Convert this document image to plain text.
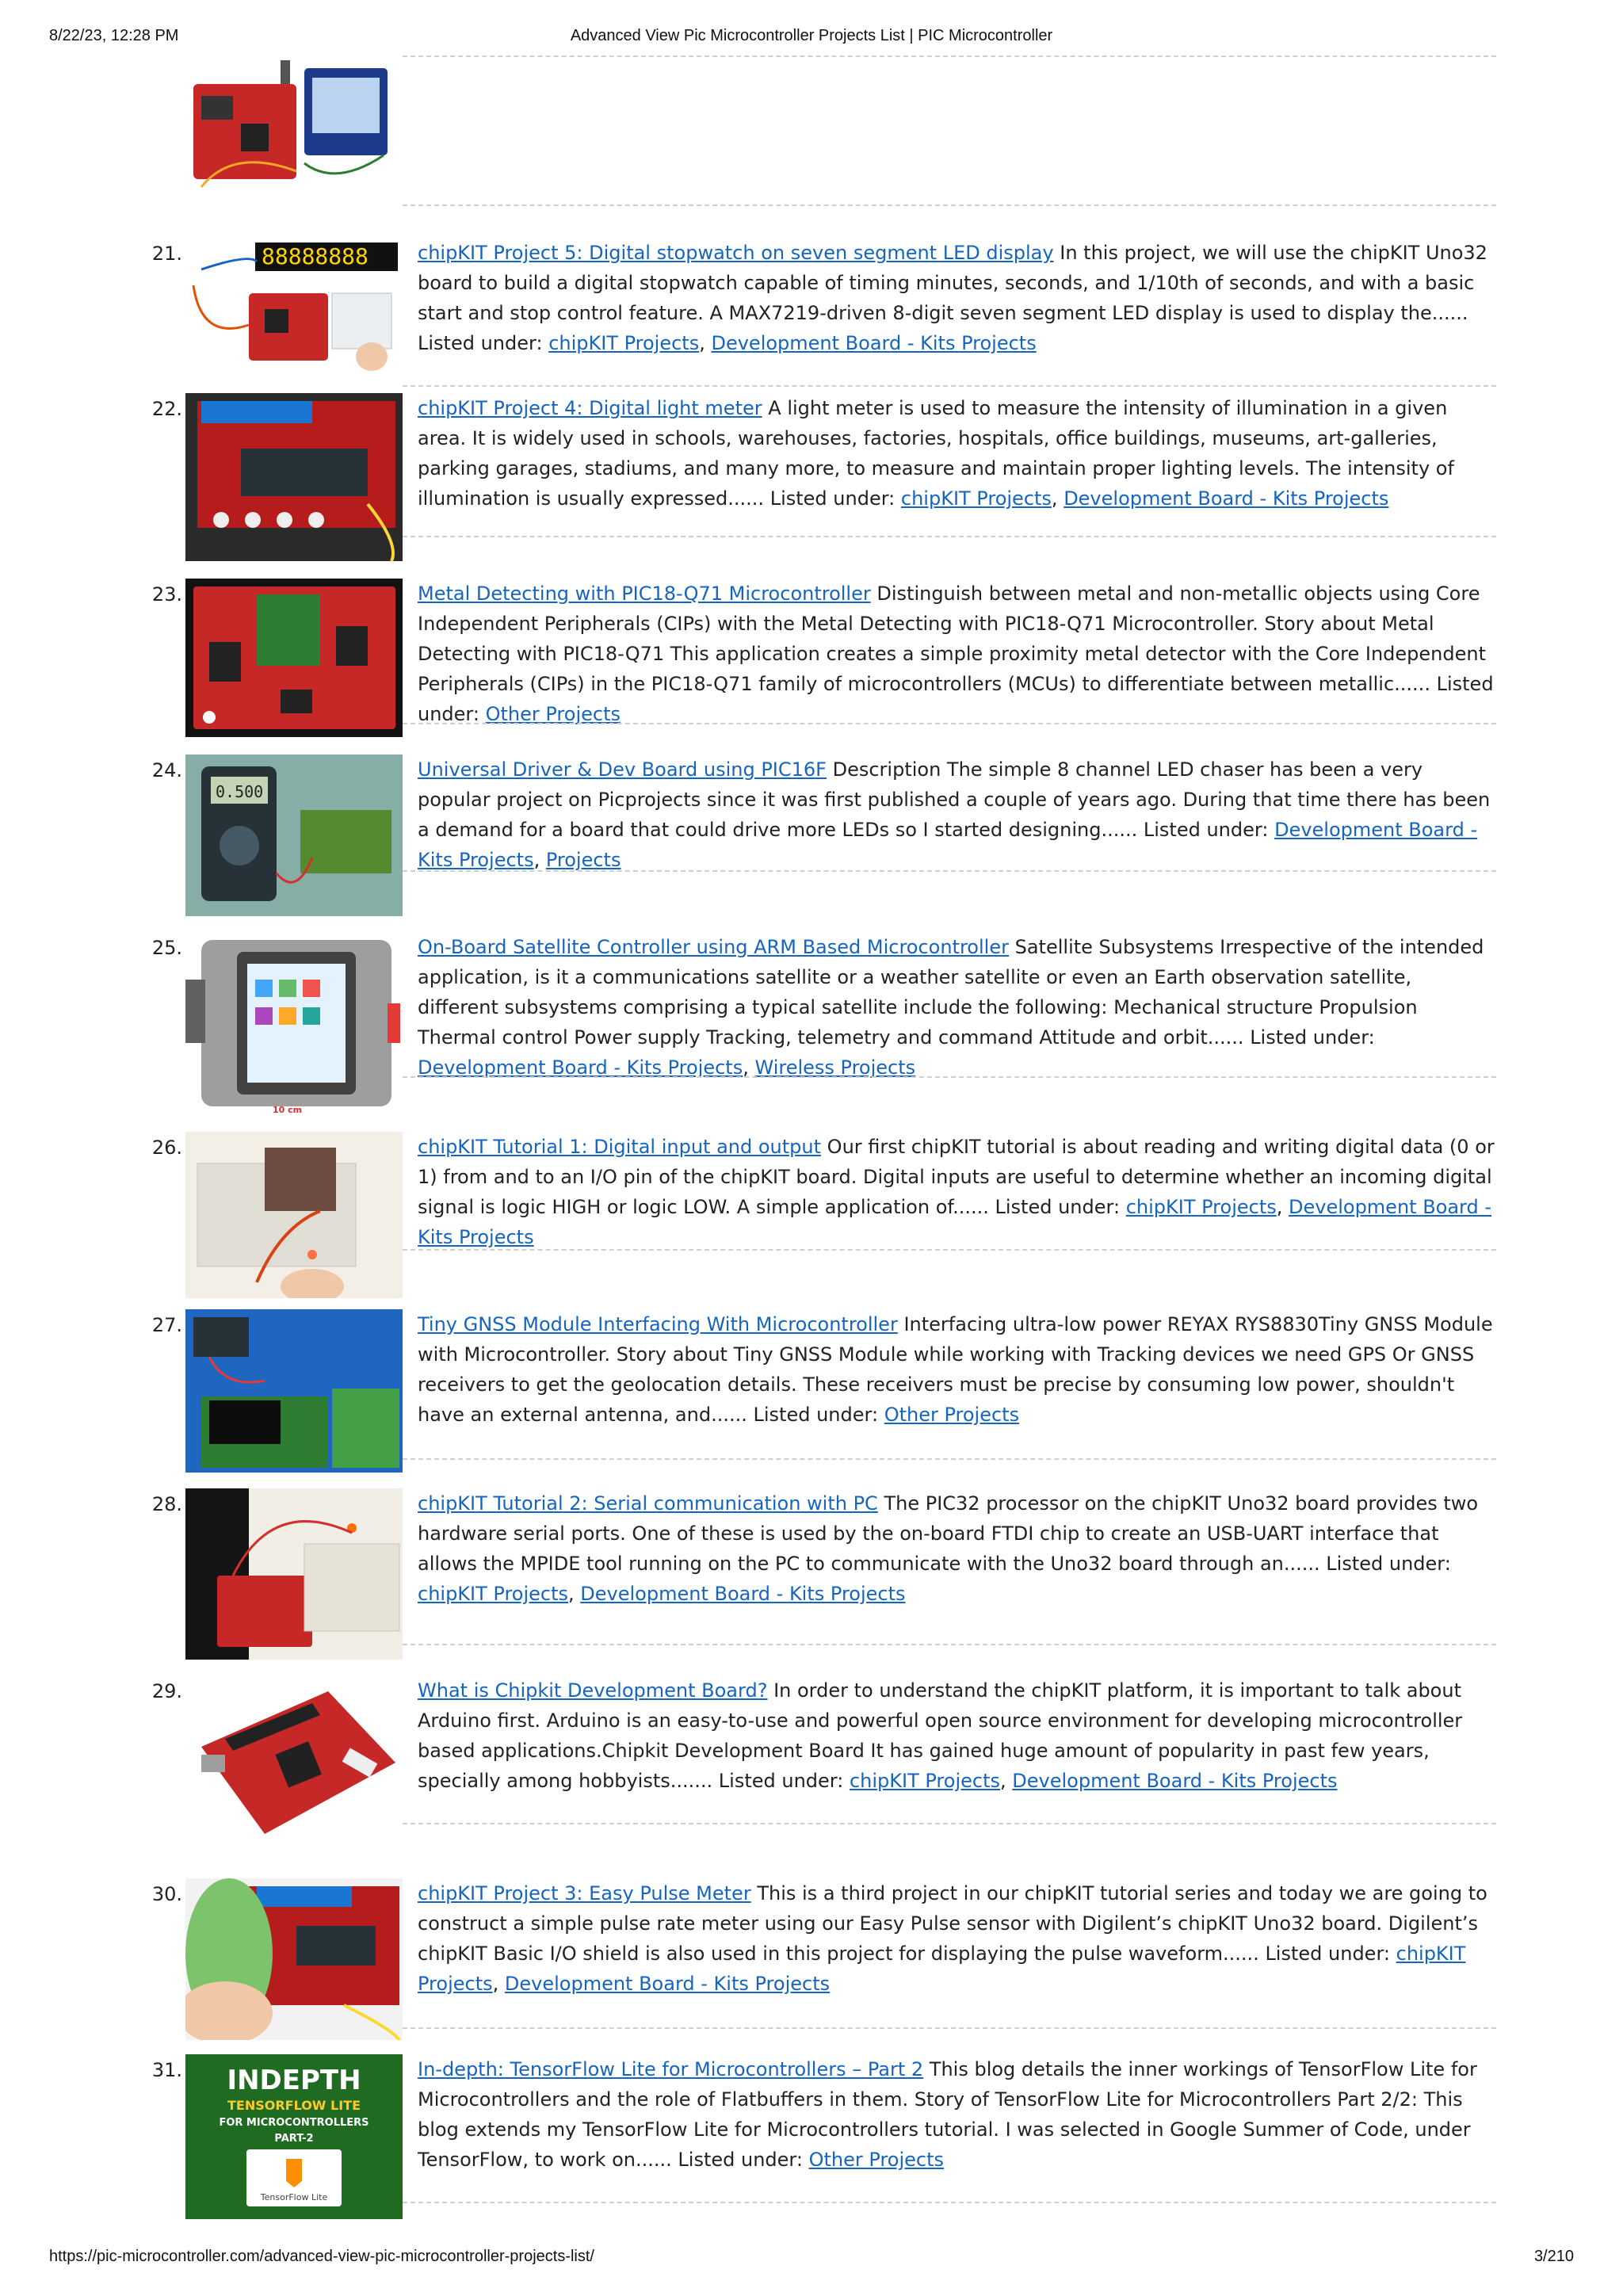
8/22/23, 12:28 PM	Advanced View Pic Microcontroller Projects List | PIC Microcontroller
21.	88888888	chipKIT Project 5: Digital stopwatch on seven segment LED display In this project, we will use the chipKIT Uno32 board to build a digital stopwatch capable of timing minutes, seconds, and 1/10th of seconds, and with a basic start and stop control feature. A MAX7219-driven 8-digit seven segment LED display is used to display the...... Listed under: chipKIT Projects, Development Board - Kits Projects
22.	chipKIT Project 4: Digital light meter A light meter is used to measure the intensity of illumination in a given area. It is widely used in schools, warehouses, factories, hospitals, office buildings, museums, art-galleries, parking garages, stadiums, and many more, to measure and maintain proper lighting levels. The intensity of illumination is usually expressed...... Listed under: chipKIT Projects, Development Board - Kits Projects
23.	Metal Detecting with PIC18-Q71 Microcontroller Distinguish between metal and non-metallic objects using Core Independent Peripherals (CIPs) with the Metal Detecting with PIC18-Q71 Microcontroller. Story about Metal Detecting with PIC18-Q71 This application creates a simple proximity metal detector with the Core Independent Peripherals (CIPs) in the PIC18-Q71 family of microcontrollers (MCUs) to differentiate between metallic...... Listed under: Other Projects
24.
0.500
Universal Driver & Dev Board using PIC16F Description The simple 8 channel LED chaser has been a very popular project on Picprojects since it was first published a couple of years ago. During that time there has been a demand for a board that could drive more LEDs so I started designing...... Listed under: Development Board - Kits Projects, Projects
25.
10 cm
On-Board Satellite Controller using ARM Based Microcontroller Satellite Subsystems Irrespective of the intended application, is it a communications satellite or a weather satellite or even an Earth observation satellite, different subsystems comprising a typical satellite include the following: Mechanical structure Propulsion Thermal control Power supply Tracking, telemetry and command Attitude and orbit...... Listed under: Development Board - Kits Projects, Wireless Projects
26.	chipKIT Tutorial 1: Digital input and output Our first chipKIT tutorial is about reading and writing digital data (0 or 1) from and to an I/O pin of the chipKIT board. Digital inputs are useful to determine whether an incoming digital signal is logic HIGH or logic LOW. A simple application of...... Listed under: chipKIT Projects, Development Board - Kits Projects
27.	Tiny GNSS Module Interfacing With Microcontroller Interfacing ultra-low power REYAX RYS8830Tiny GNSS Module with Microcontroller. Story about Tiny GNSS Module while working with Tracking devices we need GPS Or GNSS receivers to get the geolocation details. These receivers must be precise by consuming low power, shouldn't have an external antenna, and...... Listed under: Other Projects
28.	chipKIT Tutorial 2: Serial communication with PC The PIC32 processor on the chipKIT Uno32 board provides two hardware serial ports. One of these is used by the on-board FTDI chip to create an USB-UART interface that allows the MPIDE tool running on the PC to communicate with the Uno32 board through an...... Listed under: chipKIT Projects, Development Board - Kits Projects
29.	What is Chipkit Development Board? In order to understand the chipKIT platform, it is important to talk about Arduino first. Arduino is an easy-to-use and powerful open source environment for developing microcontroller based applications.Chipkit Development Board It has gained huge amount of popularity in past few years, specially among hobbyists....... Listed under: chipKIT Projects, Development Board - Kits Projects
30.	chipKIT Project 3: Easy Pulse Meter This is a third project in our chipKIT tutorial series and today we are going to construct a simple pulse rate meter using our Easy Pulse sensor with Digilent’s chipKIT Uno32 board. Digilent’s chipKIT Basic I/O shield is also used in this project for displaying the pulse waveform...... Listed under: chipKIT Projects, Development Board - Kits Projects
31. INDEPTH
TENSORFLOW LITE
FOR MICROCONTROLLERS
PART-2
TensorFlow Lite
In-depth: TensorFlow Lite for Microcontrollers – Part 2 This blog details the inner workings of TensorFlow Lite for Microcontrollers and the role of Flatbuffers in them. Story of TensorFlow Lite for Microcontrollers Part 2/2: This blog extends my TensorFlow Lite for Microcontrollers tutorial. I was selected in Google Summer of Code, under TensorFlow, to work on...... Listed under: Other Projects
https://pic-microcontroller.com/advanced-view-pic-microcontroller-projects-list/	3/210
